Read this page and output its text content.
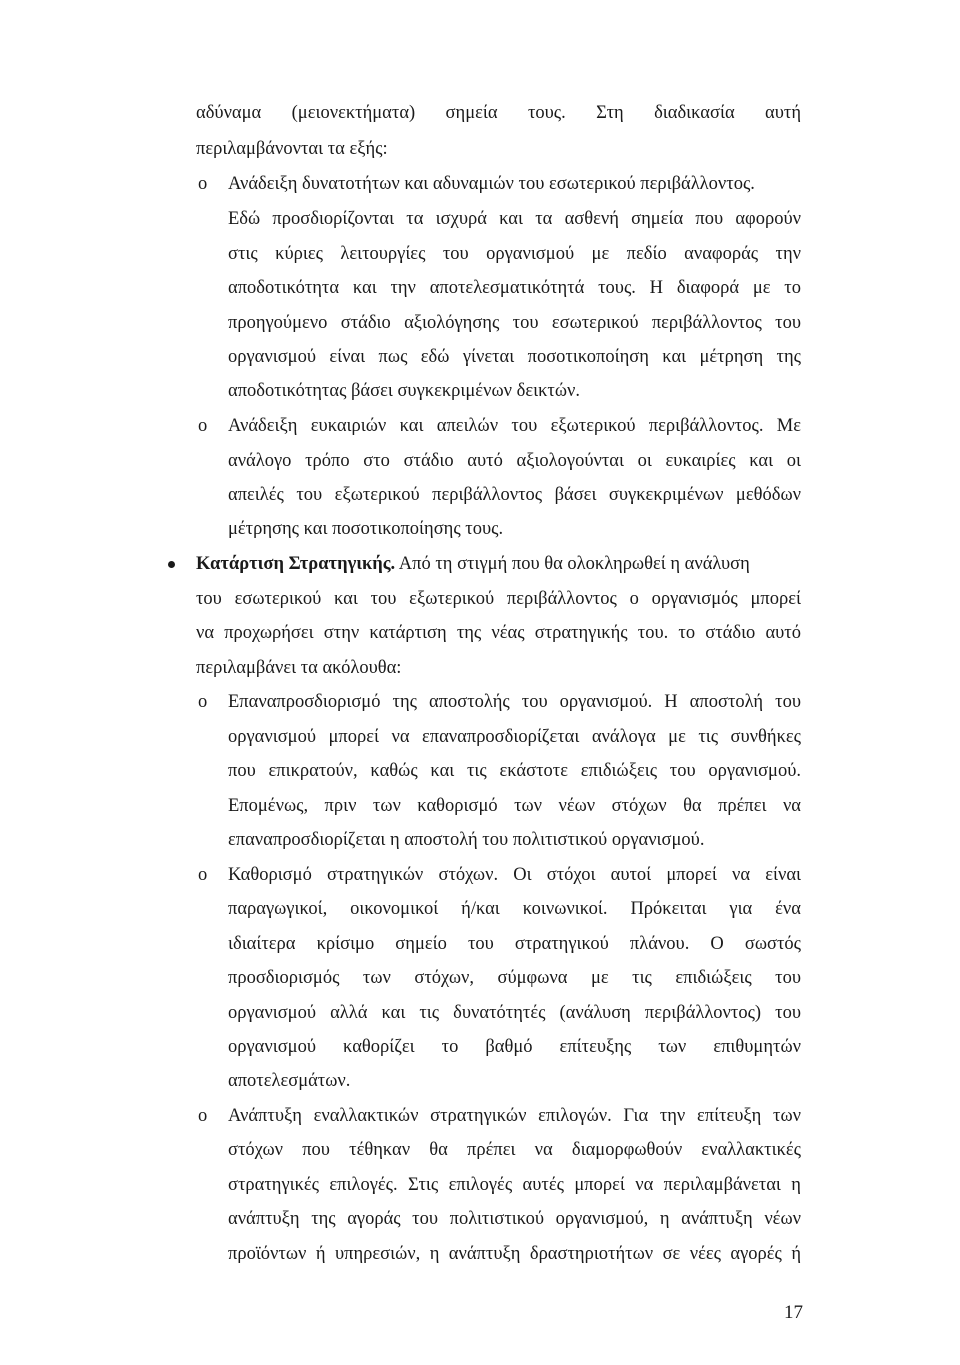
αδύναμα (μειονεκτήματα) σημεία τους. Στη διαδικασία αυτή
περιλαμβάνονται τα εξής:
o Ανάδειξη δυνατοτήτων και αδυναμιών του εσωτερικού περιβάλλοντος.
Εδώ προσδιορίζονται τα ισχυρά και τα ασθενή σημεία που αφορούν
στις κύριες λειτουργίες του οργανισμού με πεδίο αναφοράς την
αποδοτικότητα και την αποτελεσματικότητά τους. Η διαφορά με το
προηγούμενο στάδιο αξιολόγησης του εσωτερικού περιβάλλοντος του
οργανισμού είναι πως εδώ γίνεται ποσοτικοποίηση και μέτρηση της
αποδοτικότητας βάσει συγκεκριμένων δεικτών.
o Ανάδειξη ευκαιριών και απειλών του εξωτερικού περιβάλλοντος. Με
ανάλογο τρόπο στο στάδιο αυτό αξιολογούνται οι ευκαιρίες και οι
απειλές του εξωτερικού περιβάλλοντος βάσει συγκεκριμένων μεθόδων
μέτρησης και ποσοτικοποίησης τους.
Κατάρτιση Στρατηγικής. Από τη στιγμή που θα ολοκληρωθεί η ανάλυση
του εσωτερικού και του εξωτερικού περιβάλλοντος ο οργανισμός μπορεί
να προχωρήσει στην κατάρτιση της νέας στρατηγικής του. το στάδιο αυτό
περιλαμβάνει τα ακόλουθα:
o Επαναπροσδιορισμό της αποστολής του οργανισμού. Η αποστολή του
οργανισμού μπορεί να επαναπροσδιορίζεται ανάλογα με τις συνθήκες
που επικρατούν, καθώς και τις εκάστοτε επιδιώξεις του οργανισμού.
Επομένως, πριν των καθορισμό των νέων στόχων θα πρέπει να
επαναπροσδιορίζεται η αποστολή του πολιτιστικού οργανισμού.
o Καθορισμό στρατηγικών στόχων. Οι στόχοι αυτοί μπορεί να είναι
παραγωγικοί, οικονομικοί ή/και κοινωνικοί. Πρόκειται για ένα
ιδιαίτερα κρίσιμο σημείο του στρατηγικού πλάνου. Ο σωστός
προσδιορισμός των στόχων, σύμφωνα με τις επιδιώξεις του
οργανισμού αλλά και τις δυνατότητές (ανάλυση περιβάλλοντος) του
οργανισμού καθορίζει το βαθμό επίτευξης των επιθυμητών
αποτελεσμάτων.
o Ανάπτυξη εναλλακτικών στρατηγικών επιλογών. Για την επίτευξη των
στόχων που τέθηκαν θα πρέπει να διαμορφωθούν εναλλακτικές
στρατηγικές επιλογές. Στις επιλογές αυτές μπορεί να περιλαμβάνεται η
ανάπτυξη της αγοράς του πολιτιστικού οργανισμού, η ανάπτυξη νέων
προϊόντων ή υπηρεσιών, η ανάπτυξη δραστηριοτήτων σε νέες αγορές ή
17
